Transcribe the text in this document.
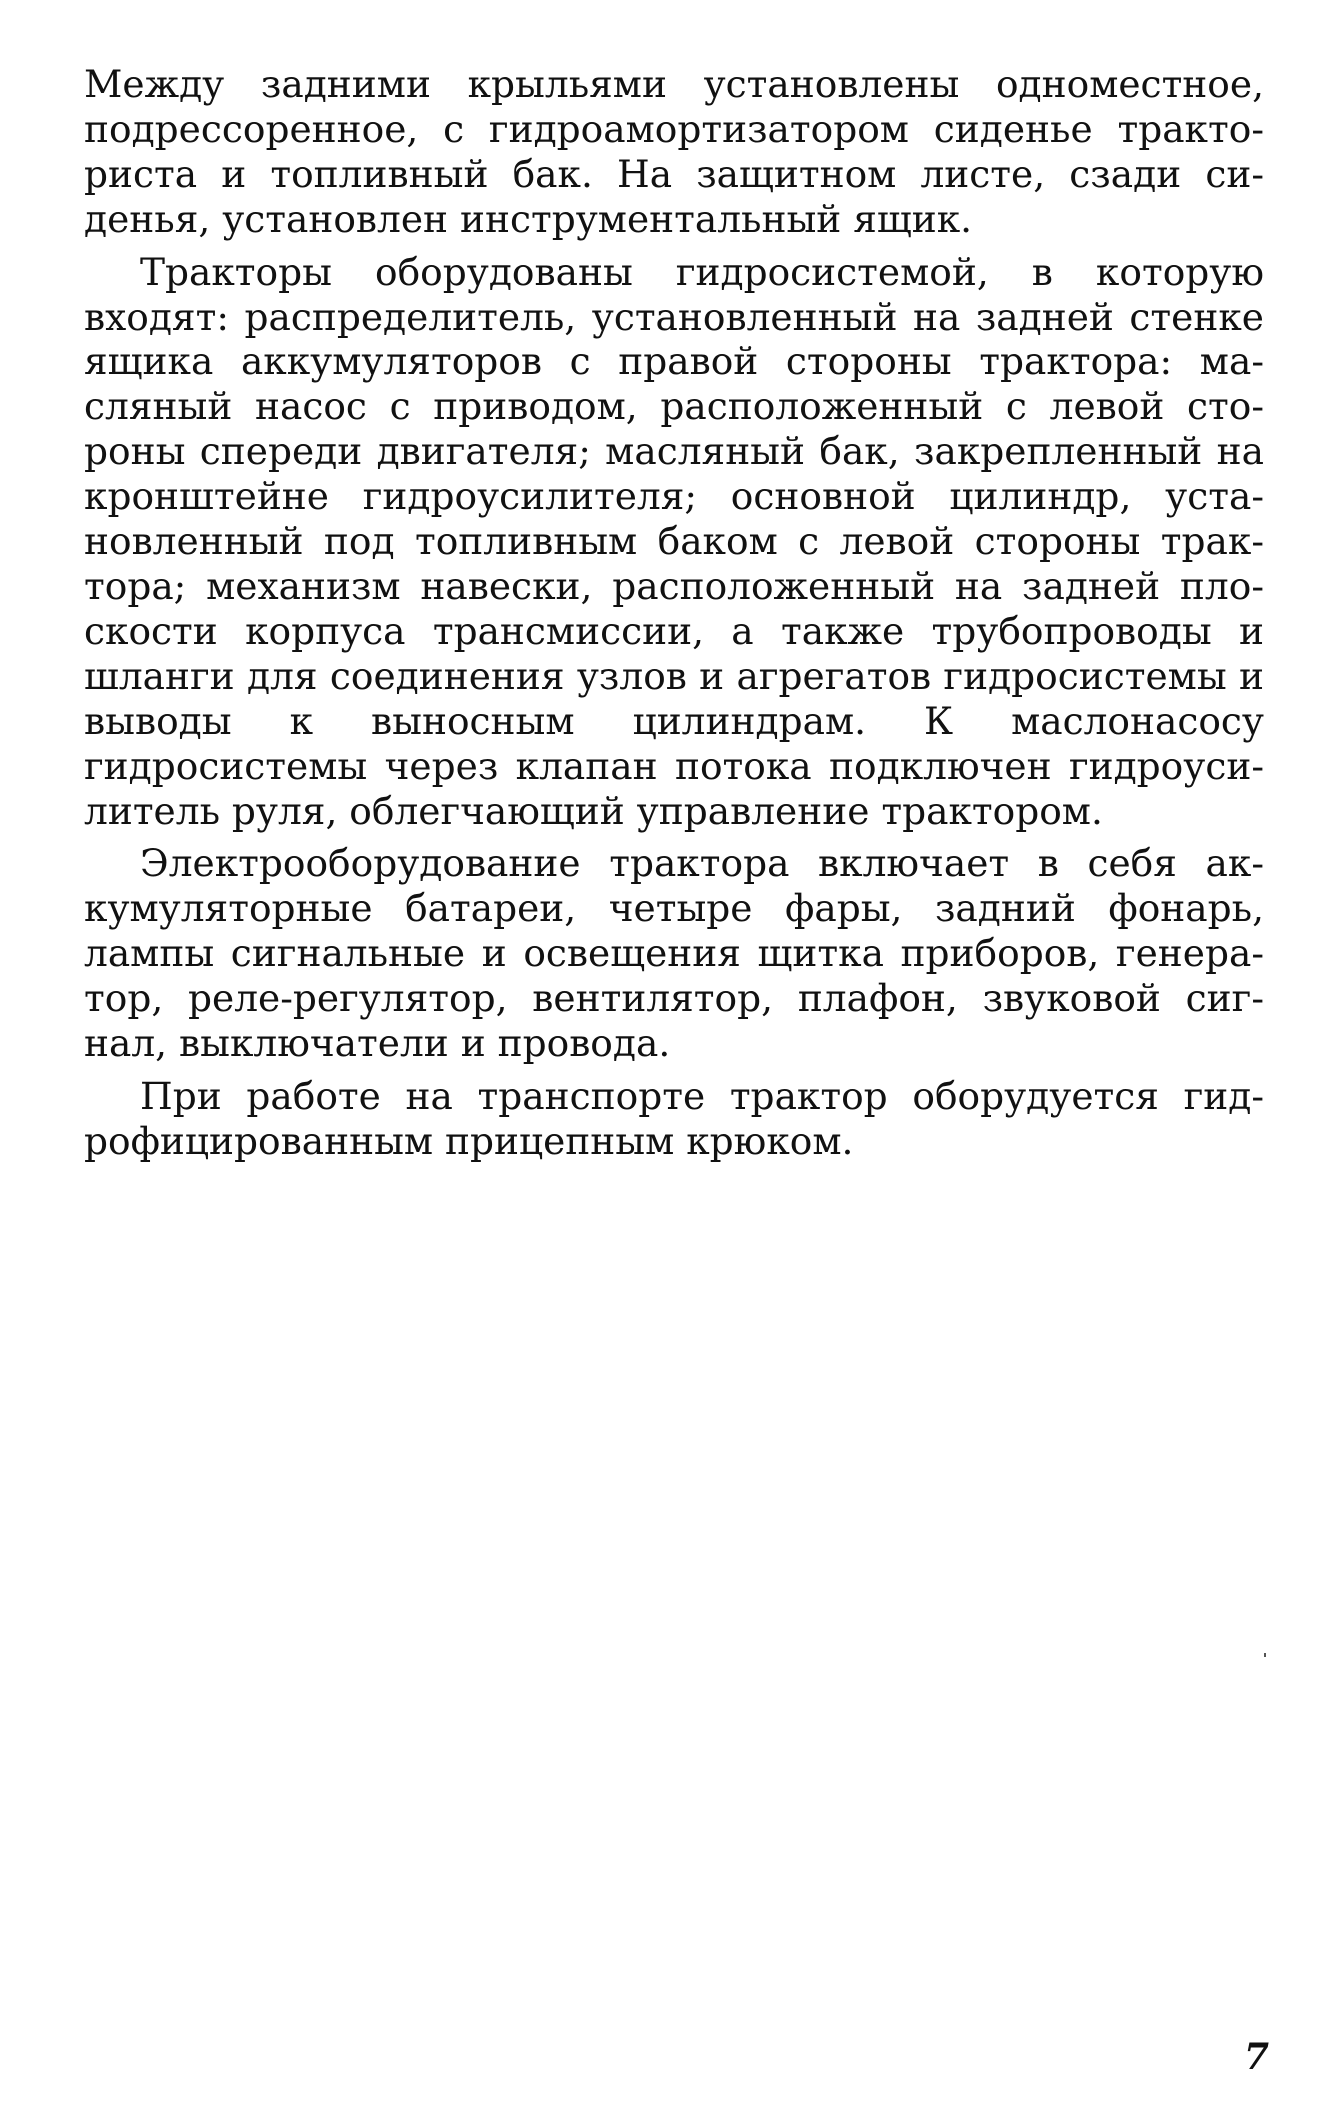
Между задними крыльями установлены одноместное, подрессоренное, с гидроамортизатором сиденье тракториста и топливный бак. На защитном листе, сзади сиденья, установлен инструментальный ящик.

Тракторы оборудованы гидросистемой, в которую входят: распределитель, установленный на задней стенке ящика аккумуляторов с правой стороны трактора: масляный насос с приводом, расположенный с левой стороны спереди двигателя; масляный бак, закрепленный на кронштейне гидроусилителя; основной цилиндр, установленный под топливным баком с левой стороны трактора; механизм навески, расположенный на задней плоскости корпуса трансмиссии, а также трубопроводы и шланги для соединения узлов и агрегатов гидросистемы и выводы к выносным цилиндрам. К маслонасосу гидросистемы через клапан потока подключен гидроусилитель руля, облегчающий управление трактором.

Электрооборудование трактора включает в себя аккумуляторные батареи, четыре фары, задний фонарь, лампы сигнальные и освещения щитка приборов, генератор, реле-регулятор, вентилятор, плафон, звуковой сигнал, выключатели и провода.

При работе на транспорте трактор оборудуется гидрофицированным прицепным крюком.

7
